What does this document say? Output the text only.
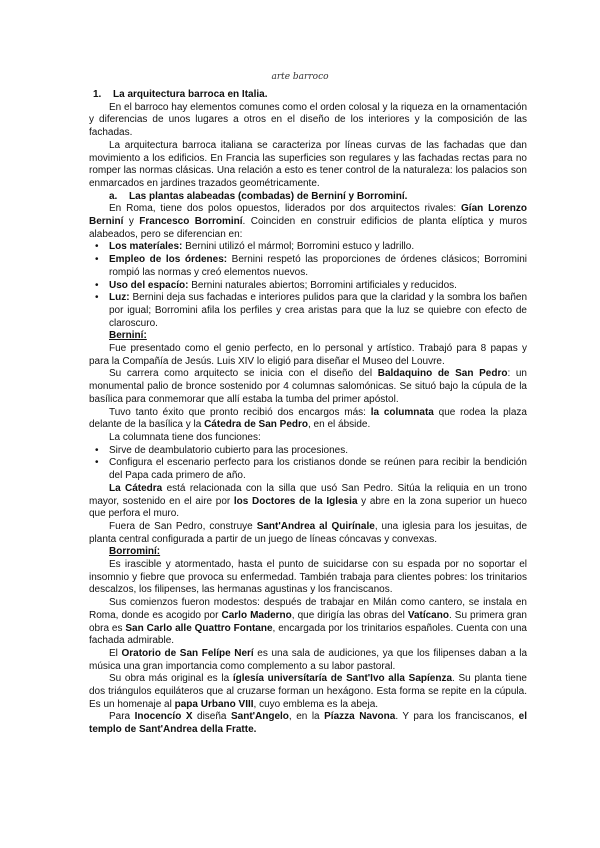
arte barroco

1. La arquitectura barroca en Italia.

En el barroco hay elementos comunes como el orden colosal y la riqueza en la ornamentación y diferencias de unos lugares a otros en el diseño de los interiores y la composición de las fachadas.

La arquitectura barroca italiana se caracteriza por líneas curvas de las fachadas que dan movimiento a los edificios. En Francia las superficies son regulares y las fachadas rectas para no romper las normas clásicas. Una relación a esto es tener control de la naturaleza: los palacios son enmarcados en jardines trazados geométricamente.

a. Las plantas alabeadas (combadas) de Berniní y Borrominí.

En Roma, tiene dos polos opuestos, liderados por dos arquitectos rivales: Gían Lorenzo Berniní y Francesco Borrominí. Coinciden en construir edificios de planta elíptica y muros alabeados, pero se diferencian en:

• Los materíales: Bernini utilizó el mármol; Borromini estuco y ladrillo.
• Empleo de los órdenes: Bernini respetó las proporciones de órdenes clásicos; Borromini rompió las normas y creó elementos nuevos.
• Uso del espacío: Bernini naturales abiertos; Borromini artificiales y reducidos.
• Luz: Bernini deja sus fachadas e interiores pulidos para que la claridad y la sombra los bañen por igual; Borromini afila los perfiles y crea aristas para que la luz se quiebre con efecto de claroscuro.

Berniní:

Fue presentado como el genio perfecto, en lo personal y artístico. Trabajó para 8 papas y para la Compañía de Jesús. Luis XIV lo eligió para diseñar el Museo del Louvre.

Su carrera como arquitecto se inicia con el diseño del Baldaquino de San Pedro: un monumental palio de bronce sostenido por 4 columnas salomónicas. Se situó bajo la cúpula de la basílica para conmemorar que allí estaba la tumba del primer apóstol.

Tuvo tanto éxito que pronto recibió dos encargos más: la columnata que rodea la plaza delante de la basílica y la Cátedra de San Pedro, en el ábside.

La columnata tiene dos funciones:

• Sirve de deambulatorio cubierto para las procesiones.
• Configura el escenario perfecto para los cristianos donde se reúnen para recibir la bendición del Papa cada primero de año.

La Cátedra está relacionada con la silla que usó San Pedro. Sitúa la reliquia en un trono mayor, sostenido en el aire por los Doctores de la Iglesia y abre en la zona superior un hueco que perfora el muro.

Fuera de San Pedro, construye Sant'Andrea al Quirínale, una iglesia para los jesuitas, de planta central configurada a partir de un juego de líneas cóncavas y convexas.

Borrominí:

Es irascible y atormentado, hasta el punto de suicidarse con su espada por no soportar el insomnio y fiebre que provoca su enfermedad. También trabaja para clientes pobres: los trinitarios descalzos, los filipenses, las hermanas agustinas y los franciscanos.

Sus comienzos fueron modestos: después de trabajar en Milán como cantero, se instala en Roma, donde es acogido por Carlo Maderno, que dirigía las obras del Vatícano. Su primera gran obra es San Carlo alle Quattro Fontane, encargada por los trinitarios españoles. Cuenta con una fachada admirable.

El Oratorio de San Felípe Nerí es una sala de audiciones, ya que los filipenses daban a la música una gran importancia como complemento a su labor pastoral.

Su obra más original es la íglesía universítaría de Sant'Ivo alla Sapíenza. Su planta tiene dos triángulos equiláteros que al cruzarse forman un hexágono. Esta forma se repite en la cúpula. Es un homenaje al papa Urbano VIII, cuyo emblema es la abeja.

Para Inocencío X diseña Sant'Angelo, en la Píazza Navona. Y para los franciscanos, el templo de Sant'Andrea della Fratte.
